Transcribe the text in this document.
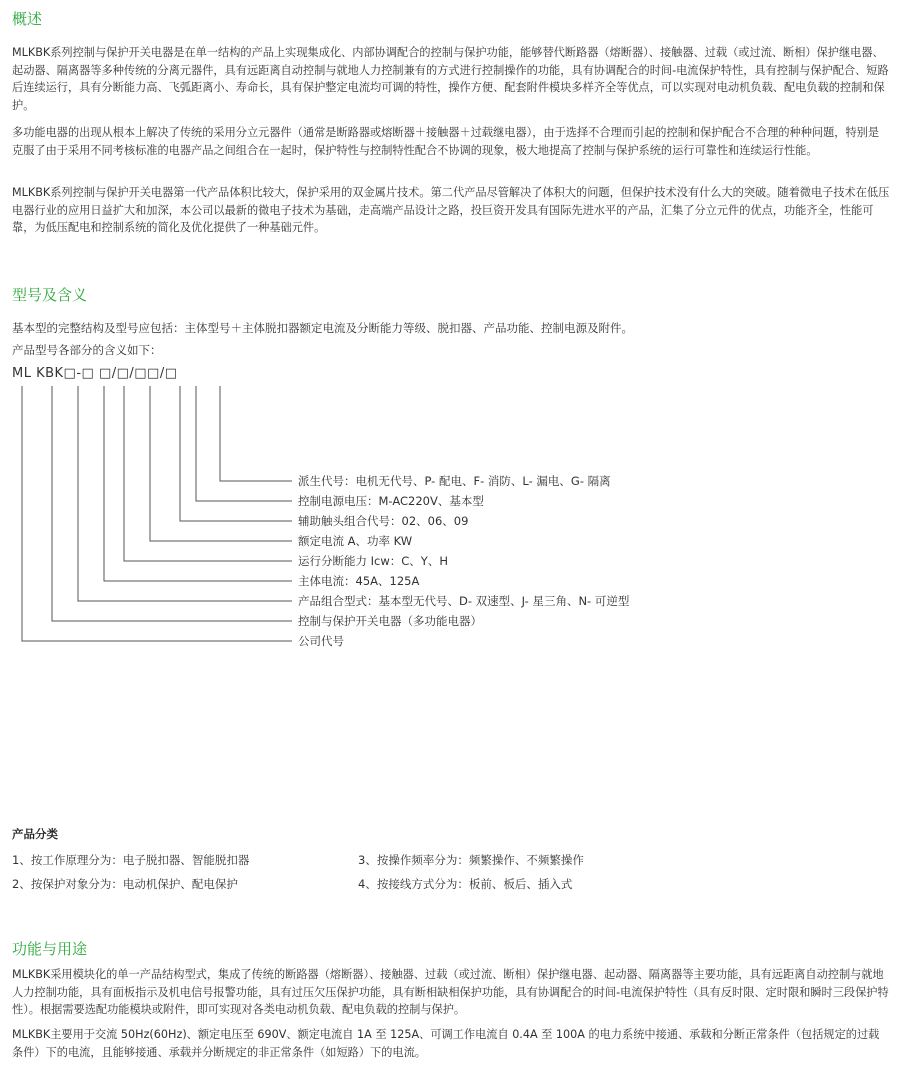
概述

MLKBK系列控制与保护开关电器是在单一结构的产品上实现集成化、内部协调配合的控制与保护功能，能够替代断路器（熔断器）、接触器、过载（或过流、断相）保护继电器、起动器、隔离器等多种传统的分离元器件，具有远距离自动控制与就地人力控制兼有的方式进行控制操作的功能，具有协调配合的时间-电流保护特性，具有控制与保护配合、短路后连续运行，具有分断能力高、飞弧距离小、寿命长，具有保护整定电流均可调的特性，操作方便、配套附件模块多样齐全等优点，可以实现对电动机负载、配电负载的控制和保护。

多功能电器的出现从根本上解决了传统的采用分立元器件（通常是断路器或熔断器＋接触器＋过载继电器），由于选择不合理而引起的控制和保护配合不合理的种种问题，特别是克服了由于采用不同考核标准的电器产品之间组合在一起时，保护特性与控制特性配合不协调的现象，极大地提高了控制与保护系统的运行可靠性和连续运行性能。

MLKBK系列控制与保护开关电器第一代产品体积比较大，保护采用的双金属片技术。第二代产品尽管解决了体积大的问题，但保护技术没有什么大的突破。随着微电子技术在低压电器行业的应用日益扩大和加深，本公司以最新的微电子技术为基础，走高端产品设计之路，投巨资开发具有国际先进水平的产品，汇集了分立元件的优点，功能齐全，性能可靠，为低压配电和控制系统的简化及优化提供了一种基础元件。

型号及含义

基本型的完整结构及型号应包括：主体型号＋主体脱扣器额定电流及分断能力等级、脱扣器、产品功能、控制电源及附件。

产品型号各部分的含义如下：

ML KBK□-□ □/□/□□/□
派生代号：电机无代号、P- 配电、F- 消防、L- 漏电、G- 隔离
控制电源电压：M-AC220V、基本型
辅助触头组合代号：02、06、09
额定电流 A、功率 KW
运行分断能力 Icw：C、Y、H
主体电流：45A、125A
产品组合型式：基本型无代号、D- 双速型、J- 星三角、N- 可逆型
控制与保护开关电器（多功能电器）
公司代号
产品分类

1、按工作原理分为：电子脱扣器、智能脱扣器	3、按操作频率分为：频繁操作、不频繁操作

2、按保护对象分为：电动机保护、配电保护	4、按接线方式分为：板前、板后、插入式

功能与用途

MLKBK采用模块化的单一产品结构型式，集成了传统的断路器（熔断器）、接触器、过载（或过流、断相）保护继电器、起动器、隔离器等主要功能，具有远距离自动控制与就地人力控制功能，具有面板指示及机电信号报警功能，具有过压欠压保护功能，具有断相缺相保护功能，具有协调配合的时间-电流保护特性（具有反时限、定时限和瞬时三段保护特性）。根据需要选配功能模块或附件，即可实现对各类电动机负载、配电负载的控制与保护。

MLKBK主要用于交流 50Hz(60Hz)、额定电压至 690V、额定电流自 1A 至 125A、可调工作电流自 0.4A 至 100A 的电力系统中接通、承载和分断正常条件（包括规定的过载条件）下的电流，且能够接通、承载并分断规定的非正常条件（如短路）下的电流。
